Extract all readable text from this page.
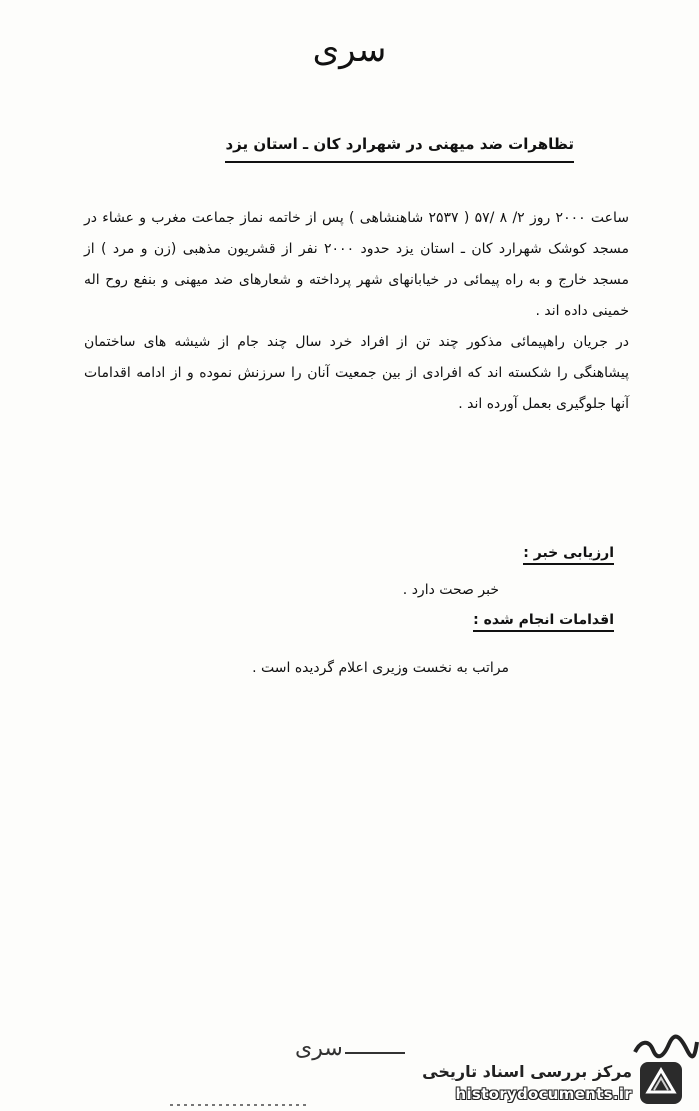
سری
تظاهرات ضد میهنی در شهرارد کان ـ استان یزد

ساعت ۲۰۰۰ روز ۲/ ۸ /۵۷ ( ۲۵۳۷ شاهنشاهی ) پس از خاتمه نماز جماعت مغرب و عشاء در مسجد کوشک شهرارد کان ـ استان یزد حدود ۲۰۰۰ نفر از قشریون مذهبی (زن و مرد ) از مسجد خارج و به راه پیمائی در خیابانهای شهر پرداخته و شعارهای ضد میهنی و بنفع روح اله خمینی داده اند .

در جریان راهپیمائی مذکور چند تن از افراد خرد سال چند جام از شیشه های ساختمان پیشاهنگی را شکسته اند که افرادی از بین جمعیت آنان را سرزنش نموده و از ادامه اقدامات آنها جلوگیری بعمل آورده اند .

ارزیابی خبر :
خبر صحت دارد .
اقدامات انجام شده :
مراتب به نخست وزیری اعلام گردیده است .
سری
مرکز بررسی اسناد تاریخی
historydocuments.ir
